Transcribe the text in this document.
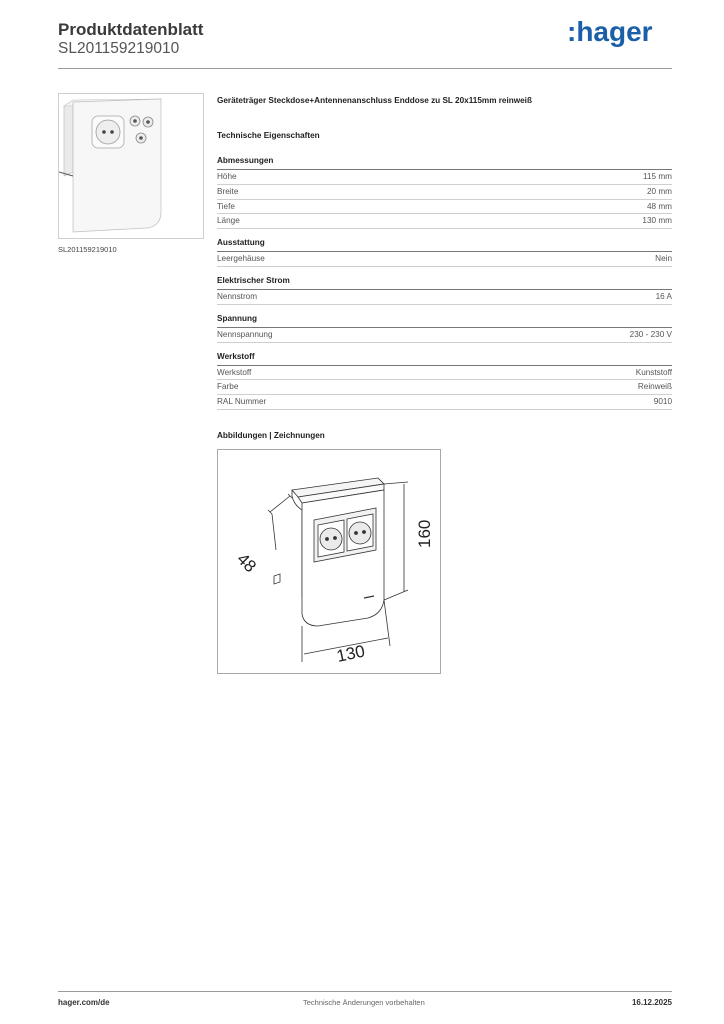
Produktdatenblatt
SL201159219010
:hager
SL201159219010
Geräteträger Steckdose+Antennenanschluss Enddose zu SL 20x115mm reinweiß
Technische Eigenschaften
Abmessungen
Höhe	115 mm
Breite	20 mm
Tiefe	48 mm
Länge	130 mm
Ausstattung
Leergehäuse	Nein
Elektrischer Strom
Nennstrom	16 A
Spannung
Nennspannung	230 - 230 V
Werkstoff
Werkstoff	Kunststoff
Farbe	Reinweiß
RAL Nummer	9010
Abbildungen | Zeichnungen
48
160
130
hager.com/de	Technische Änderungen vorbehalten	16.12.2025
